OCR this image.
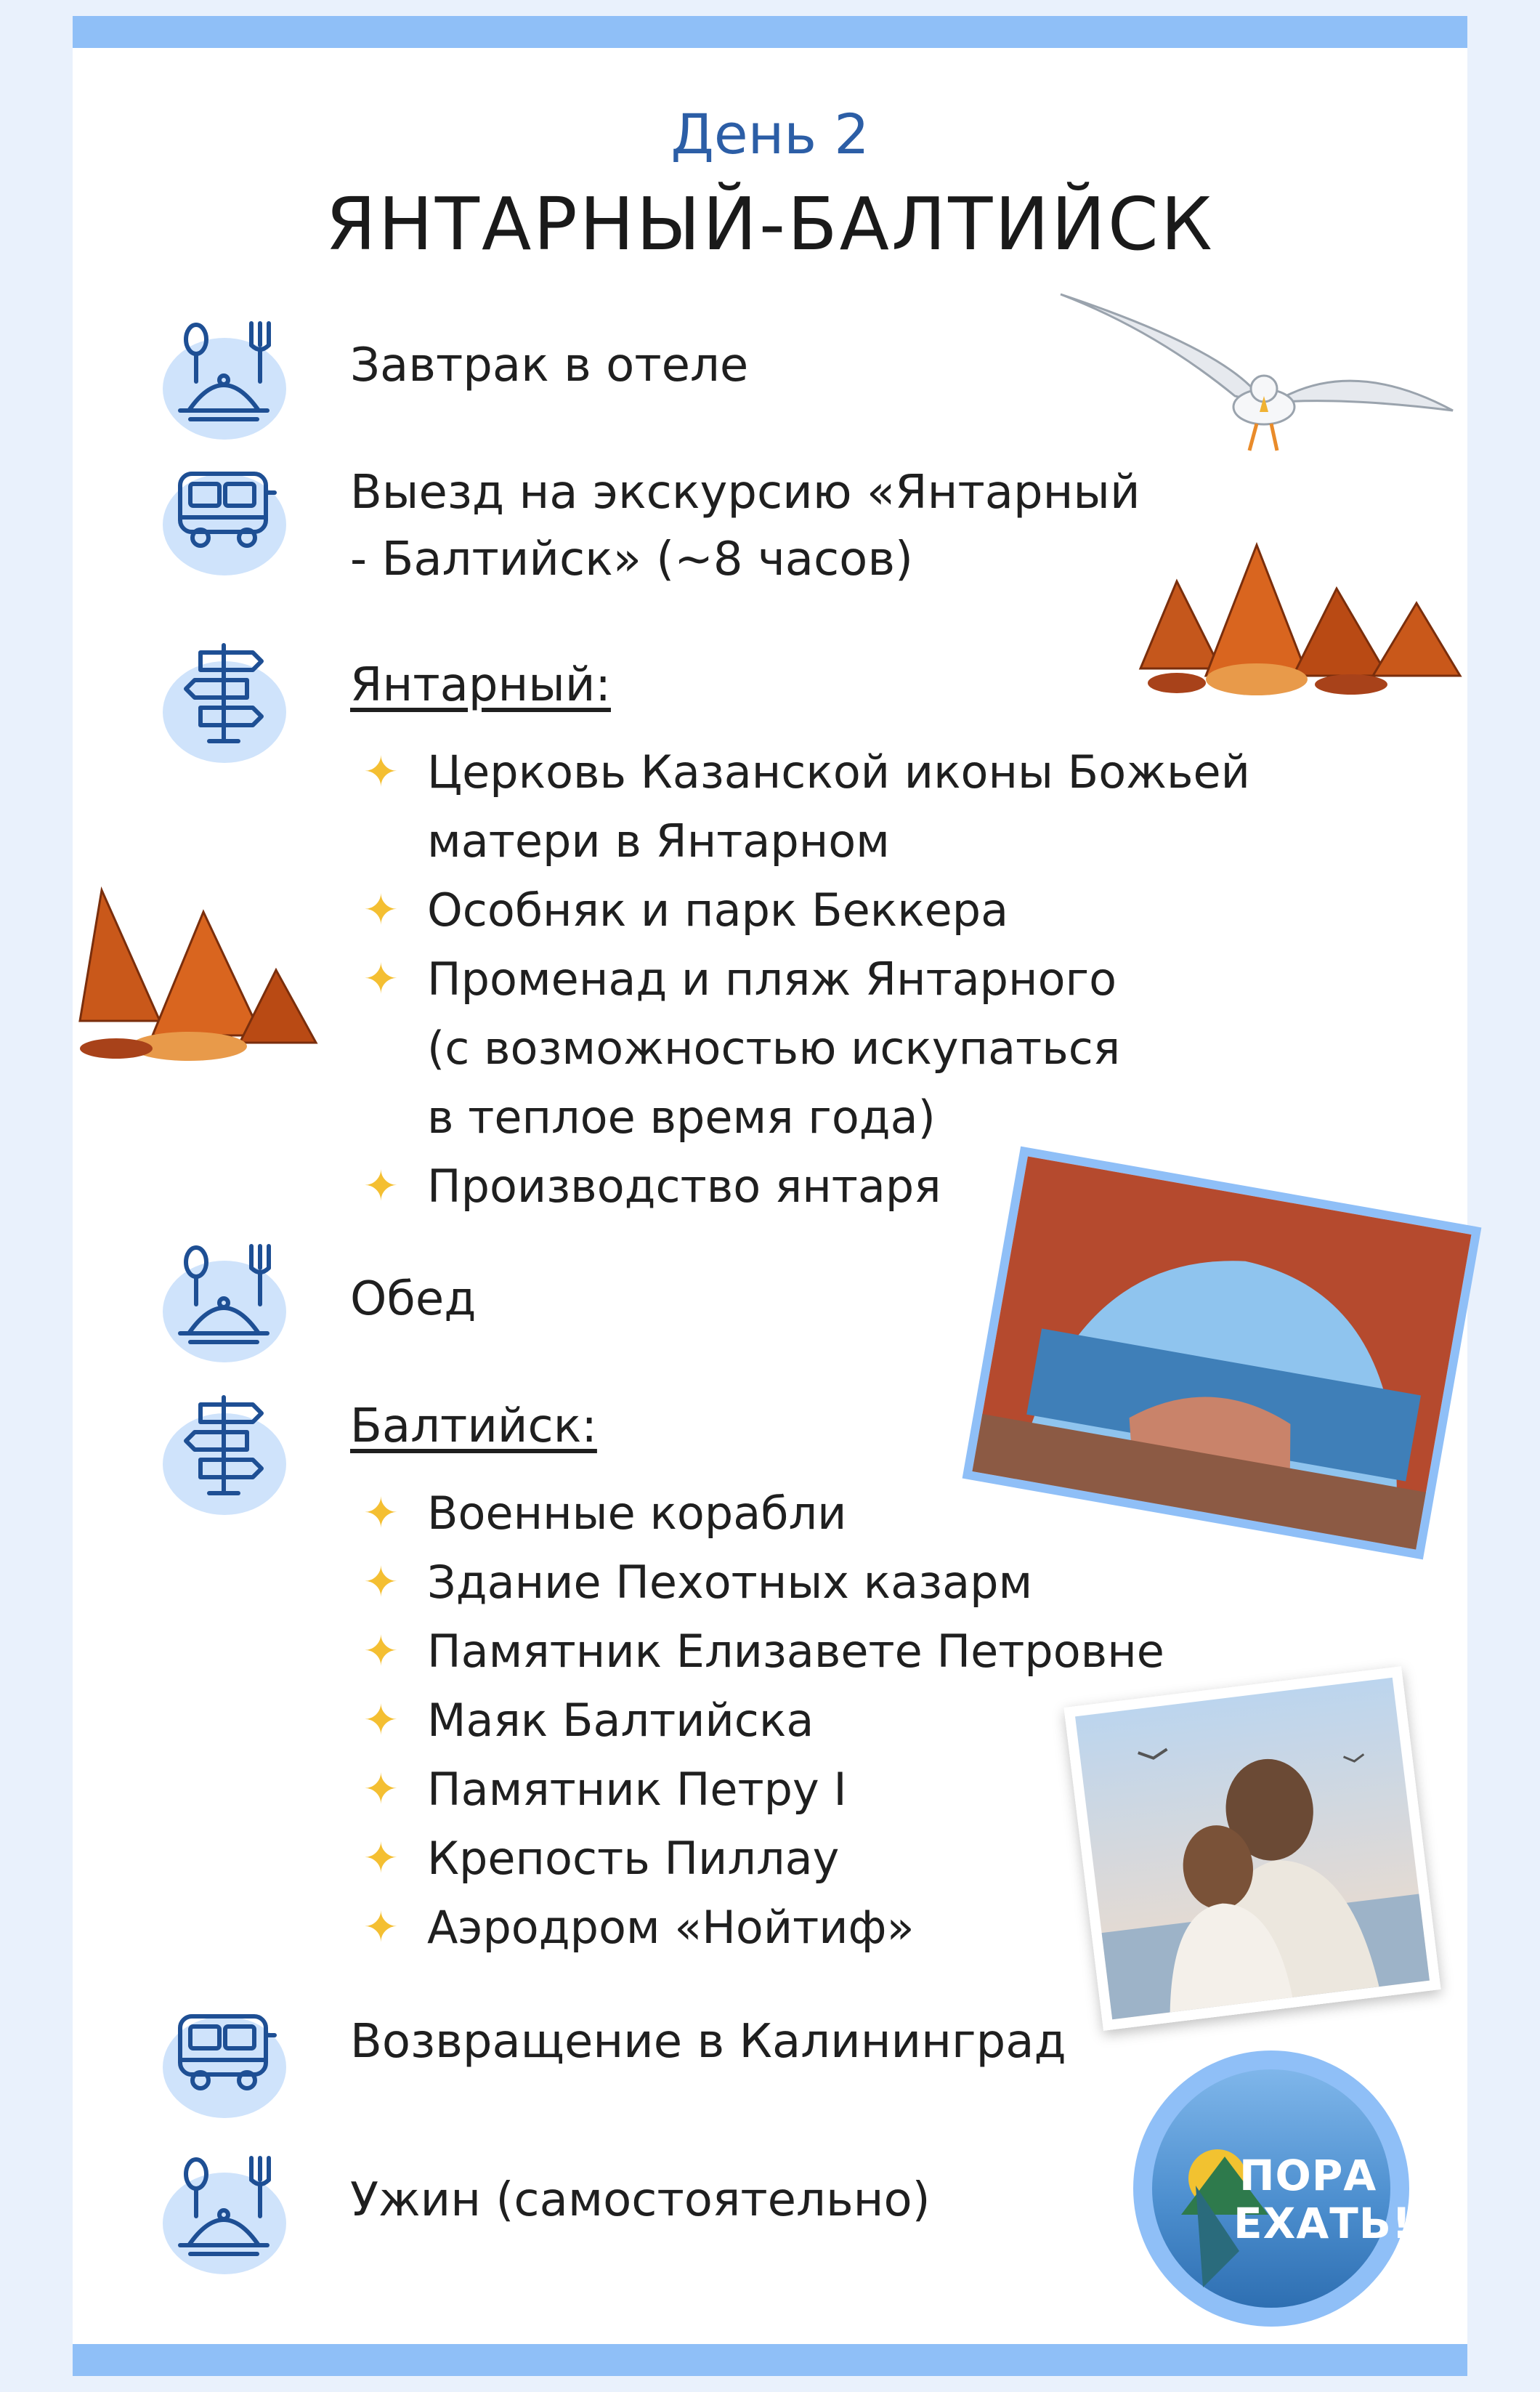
День 2
ЯНТАРНЫЙ-БАЛТИЙСК
Завтрак в отеле
Выезд на экскурсию «Янтарный
- Балтийск» (~8 часов)
Янтарный:
✦ Церковь Казанской иконы Божьей
матери в Янтарном
✦ Особняк и парк Беккера
✦ Променад и пляж Янтарного
(с возможностью искупаться
в теплое время года)
✦ Производство янтаря
Обед
Балтийск:
✦ Военные корабли
✦ Здание Пехотных казарм
✦ Памятник Елизавете Петровне
✦ Маяк Балтийска
✦ Памятник Петру I
✦ Крепость Пиллау
✦ Аэродром «Нойтиф»
Возвращение в Калининград
Ужин (самостоятельно)	ПОРА
ЕХАТЬ!
